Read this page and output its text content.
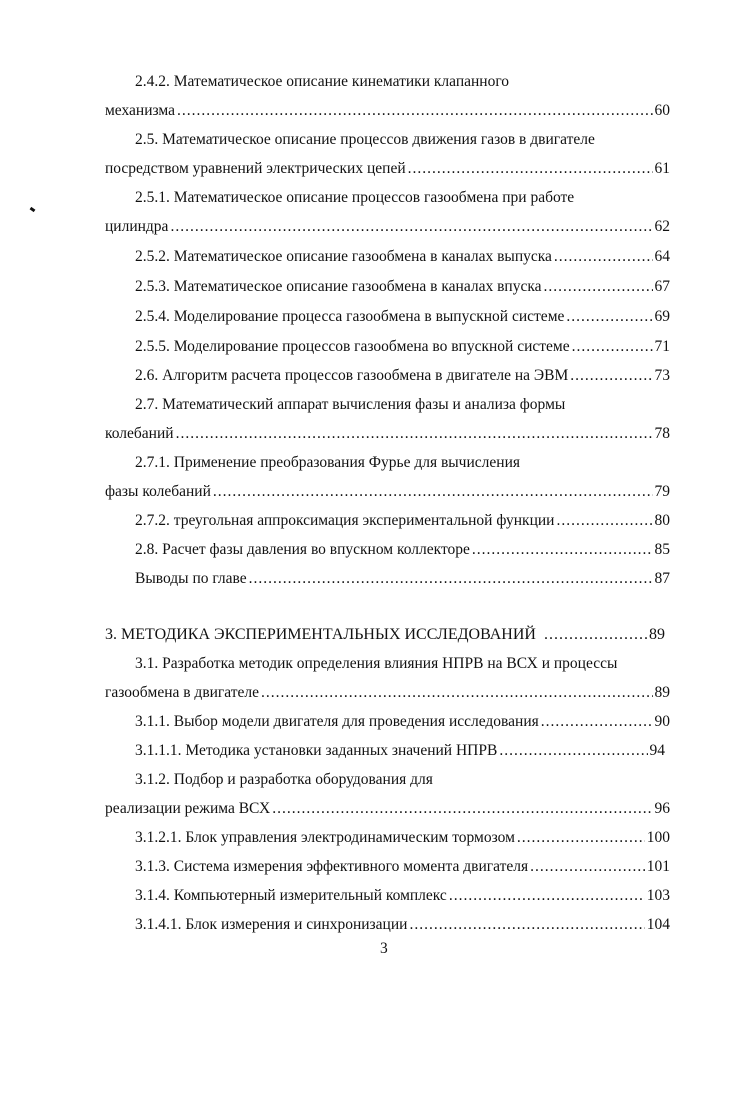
2.4.2. Математическое описание кинематики клапанного
механизма .....	60
2.5. Математическое описание процессов движения газов в двигателе
посредством уравнений электрических цепей .....	61
2.5.1. Математическое описание процессов газообмена при работе
цилиндра .....	62
2.5.2. Математическое описание газообмена в каналах выпуска .....	64
2.5.3. Математическое описание газообмена в каналах впуска .....	67
2.5.4. Моделирование процесса газообмена в выпускной системе .....	69
2.5.5. Моделирование процессов газообмена во впускной системе .....	71
2.6. Алгоритм расчета процессов газообмена в двигателе на ЭВМ .....	73
2.7. Математический аппарат вычисления фазы и анализа формы
колебаний .....	78
2.7.1. Применение преобразования Фурье для вычисления
фазы колебаний .....	79
2.7.2. треугольная аппроксимация экспериментальной функции .....	80
2.8. Расчет фазы давления во впускном коллекторе .....	85
Выводы по главе .....	87
3. МЕТОДИКА ЭКСПЕРИМЕНТАЛЬНЫХ ИССЛЕДОВАНИЙ .....	89
3.1. Разработка методик определения влияния НПРВ на ВСХ и процессы
газообмена в двигателе .....	89
3.1.1. Выбор модели двигателя для проведения исследования .....	90
3.1.1.1. Методика установки заданных значений НПРВ .....	94
3.1.2. Подбор и разработка оборудования для
реализации режима ВСХ .....	96
3.1.2.1. Блок управления электродинамическим тормозом .....	100
3.1.3. Система измерения эффективного момента двигателя .....	101
3.1.4. Компьютерный измерительный комплекс .....	103
3.1.4.1. Блок измерения и синхронизации .....	104
3
